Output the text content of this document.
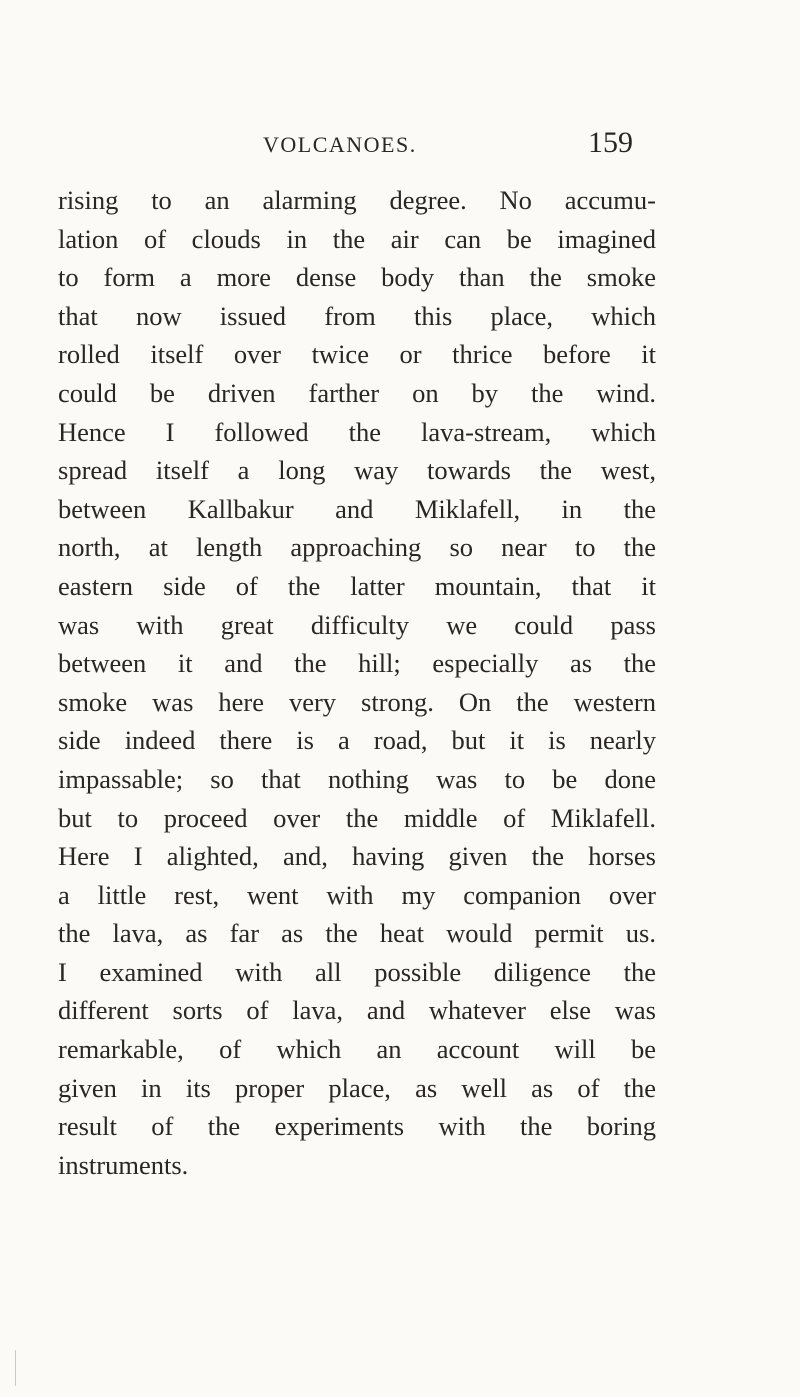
VOLCANOES.	159
rising to an alarming degree. No accumu-
lation of clouds in the air can be imagined
to form a more dense body than the smoke
that now issued from this place, which
rolled itself over twice or thrice before it
could be driven farther on by the wind.
Hence I followed the lava-stream, which
spread itself a long way towards the west,
between Kallbakur and Miklafell, in the
north, at length approaching so near to the
eastern side of the latter mountain, that it
was with great difficulty we could pass
between it and the hill; especially as the
smoke was here very strong. On the western
side indeed there is a road, but it is nearly
impassable; so that nothing was to be done
but to proceed over the middle of Miklafell.
Here I alighted, and, having given the horses
a little rest, went with my companion over
the lava, as far as the heat would permit us.
I examined with all possible diligence the
different sorts of lava, and whatever else was
remarkable, of which an account will be
given in its proper place, as well as of the
result of the experiments with the boring
instruments.
